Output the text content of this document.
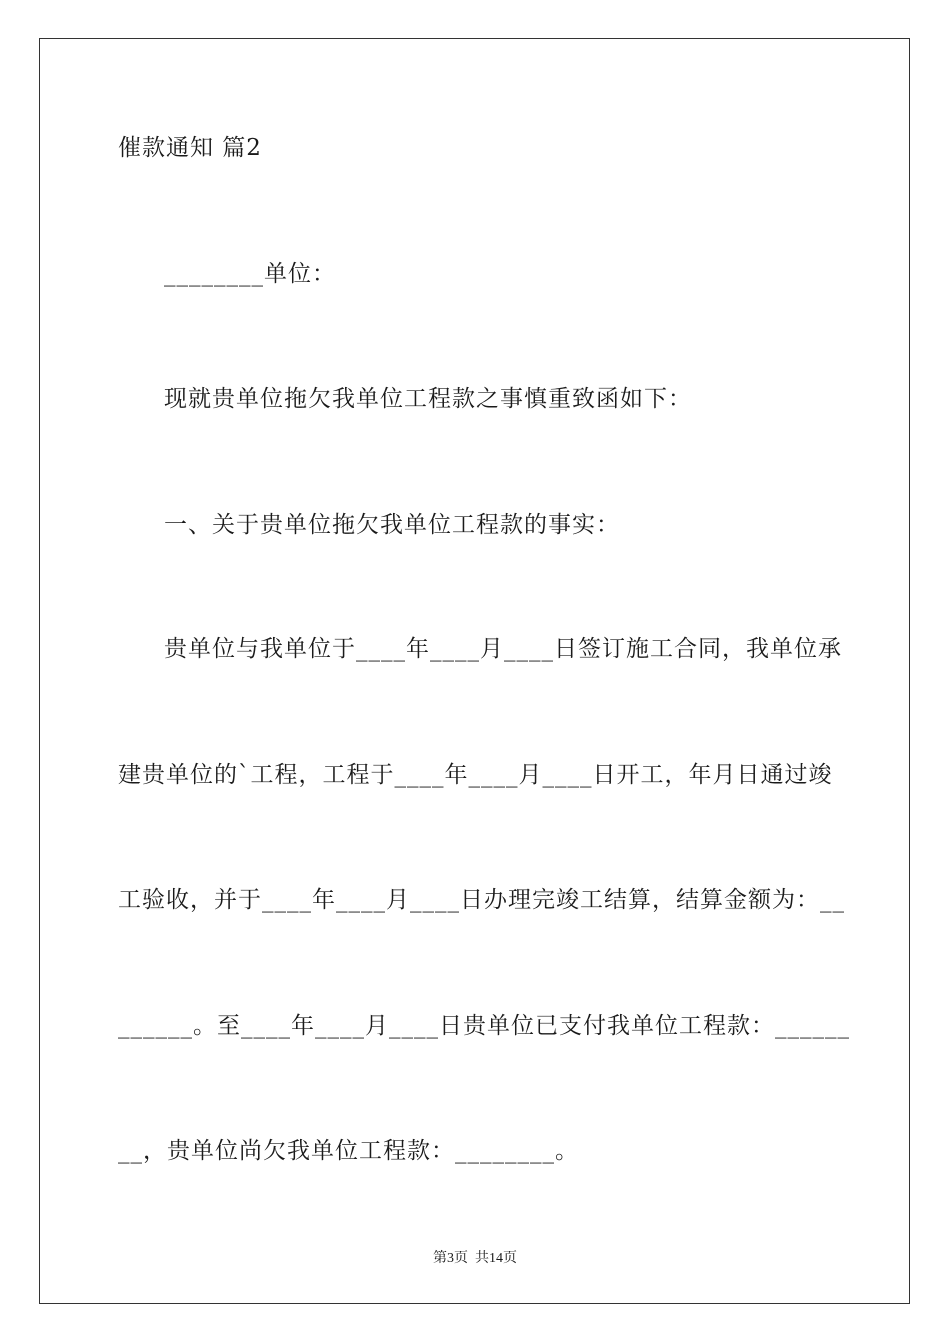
催款通知 篇2
________单位：
现就贵单位拖欠我单位工程款之事慎重致函如下：
一、关于贵单位拖欠我单位工程款的事实：
贵单位与我单位于____年____月____日签订施工合同，我单位承
建贵单位的`工程，工程于____年____月____日开工，年月日通过竣
工验收，并于____年____月____日办理完竣工结算，结算金额为：__
______。至____年____月____日贵单位已支付我单位工程款：______
__，贵单位尚欠我单位工程款：________。
第3页  共14页
